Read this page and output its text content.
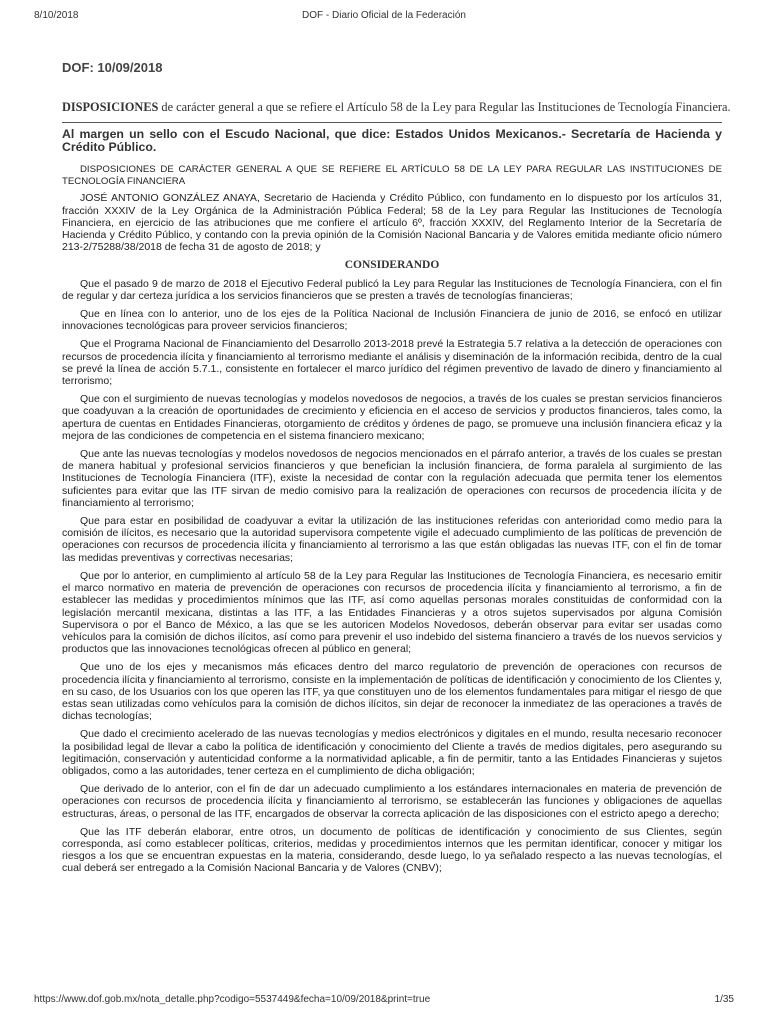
8/10/2018	DOF - Diario Oficial de la Federación
DOF: 10/09/2018
DISPOSICIONES de carácter general a que se refiere el Artículo 58 de la Ley para Regular las Instituciones de Tecnología Financiera.
Al margen un sello con el Escudo Nacional, que dice: Estados Unidos Mexicanos.- Secretaría de Hacienda y Crédito Público.

DISPOSICIONES DE CARÁCTER GENERAL A QUE SE REFIERE EL ARTÍCULO 58 DE LA LEY PARA REGULAR LAS INSTITUCIONES DE TECNOLOGÍA FINANCIERA

JOSÉ ANTONIO GONZÁLEZ ANAYA, Secretario de Hacienda y Crédito Público, con fundamento en lo dispuesto por los artículos 31, fracción XXXIV de la Ley Orgánica de la Administración Pública Federal; 58 de la Ley para Regular las Instituciones de Tecnología Financiera, en ejercicio de las atribuciones que me confiere el artículo 6º, fracción XXXIV, del Reglamento Interior de la Secretaría de Hacienda y Crédito Público, y contando con la previa opinión de la Comisión Nacional Bancaria y de Valores emitida mediante oficio número 213-2/75288/38/2018 de fecha 31 de agosto de 2018; y

CONSIDERANDO

Que el pasado 9 de marzo de 2018 el Ejecutivo Federal publicó la Ley para Regular las Instituciones de Tecnología Financiera, con el fin de regular y dar certeza jurídica a los servicios financieros que se presten a través de tecnologías financieras;

Que en línea con lo anterior, uno de los ejes de la Política Nacional de Inclusión Financiera de junio de 2016, se enfocó en utilizar innovaciones tecnológicas para proveer servicios financieros;

Que el Programa Nacional de Financiamiento del Desarrollo 2013-2018 prevé la Estrategia 5.7 relativa a la detección de operaciones con recursos de procedencia ilícita y financiamiento al terrorismo mediante el análisis y diseminación de la información recibida, dentro de la cual se prevé la línea de acción 5.7.1., consistente en fortalecer el marco jurídico del régimen preventivo de lavado de dinero y financiamiento al terrorismo;

Que con el surgimiento de nuevas tecnologías y modelos novedosos de negocios, a través de los cuales se prestan servicios financieros que coadyuvan a la creación de oportunidades de crecimiento y eficiencia en el acceso de servicios y productos financieros, tales como, la apertura de cuentas en Entidades Financieras, otorgamiento de créditos y órdenes de pago, se promueve una inclusión financiera eficaz y la mejora de las condiciones de competencia en el sistema financiero mexicano;

Que ante las nuevas tecnologías y modelos novedosos de negocios mencionados en el párrafo anterior, a través de los cuales se prestan de manera habitual y profesional servicios financieros y que benefician la inclusión financiera, de forma paralela al surgimiento de las Instituciones de Tecnología Financiera (ITF), existe la necesidad de contar con la regulación adecuada que permita tener los elementos suficientes para evitar que las ITF sirvan de medio comisivo para la realización de operaciones con recursos de procedencia ilícita y de financiamiento al terrorismo;

Que para estar en posibilidad de coadyuvar a evitar la utilización de las instituciones referidas con anterioridad como medio para la comisión de ilícitos, es necesario que la autoridad supervisora competente vigile el adecuado cumplimiento de las políticas de prevención de operaciones con recursos de procedencia ilícita y financiamiento al terrorismo a las que están obligadas las nuevas ITF, con el fin de tomar las medidas preventivas y correctivas necesarias;

Que por lo anterior, en cumplimiento al artículo 58 de la Ley para Regular las Instituciones de Tecnología Financiera, es necesario emitir el marco normativo en materia de prevención de operaciones con recursos de procedencia ilícita y financiamiento al terrorismo, a fin de establecer las medidas y procedimientos mínimos que las ITF, así como aquellas personas morales constituidas de conformidad con la legislación mercantil mexicana, distintas a las ITF, a las Entidades Financieras y a otros sujetos supervisados por alguna Comisión Supervisora o por el Banco de México, a las que se les autoricen Modelos Novedosos, deberán observar para evitar ser usadas como vehículos para la comisión de dichos ilícitos, así como para prevenir el uso indebido del sistema financiero a través de los nuevos servicios y productos que las innovaciones tecnológicas ofrecen al público en general;

Que uno de los ejes y mecanismos más eficaces dentro del marco regulatorio de prevención de operaciones con recursos de procedencia ilícita y financiamiento al terrorismo, consiste en la implementación de políticas de identificación y conocimiento de los Clientes y, en su caso, de los Usuarios con los que operen las ITF, ya que constituyen uno de los elementos fundamentales para mitigar el riesgo de que estas sean utilizadas como vehículos para la comisión de dichos ilícitos, sin dejar de reconocer la inmediatez de las operaciones a través de dichas tecnologías;

Que dado el crecimiento acelerado de las nuevas tecnologías y medios electrónicos y digitales en el mundo, resulta necesario reconocer la posibilidad legal de llevar a cabo la política de identificación y conocimiento del Cliente a través de medios digitales, pero asegurando su legitimación, conservación y autenticidad conforme a la normatividad aplicable, a fin de permitir, tanto a las Entidades Financieras y sujetos obligados, como a las autoridades, tener certeza en el cumplimiento de dicha obligación;

Que derivado de lo anterior, con el fin de dar un adecuado cumplimiento a los estándares internacionales en materia de prevención de operaciones con recursos de procedencia ilícita y financiamiento al terrorismo, se establecerán las funciones y obligaciones de aquellas estructuras, áreas, o personal de las ITF, encargados de observar la correcta aplicación de las disposiciones con el estricto apego a derecho;

Que las ITF deberán elaborar, entre otros, un documento de políticas de identificación y conocimiento de sus Clientes, según corresponda, así como establecer políticas, criterios, medidas y procedimientos internos que les permitan identificar, conocer y mitigar los riesgos a los que se encuentran expuestas en la materia, considerando, desde luego, lo ya señalado respecto a las nuevas tecnologías, el cual deberá ser entregado a la Comisión Nacional Bancaria y de Valores (CNBV);

https://www.dof.gob.mx/nota_detalle.php?codigo=5537449&fecha=10/09/2018&print=true	1/35
